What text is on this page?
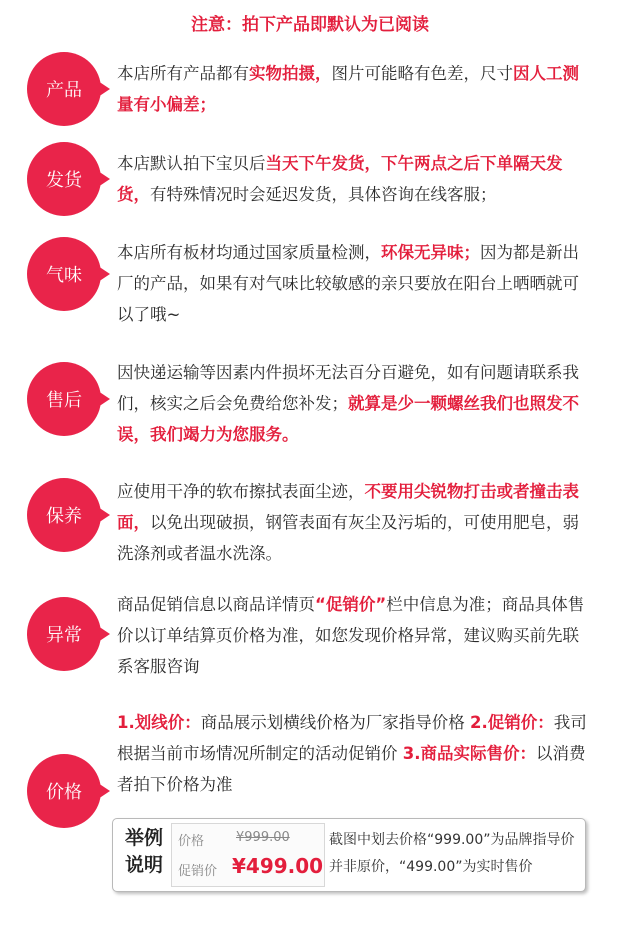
注意：拍下产品即默认为已阅读
产品
本店所有产品都有实物拍摄，图片可能略有色差，尺寸因人工测量有小偏差；
发货
本店默认拍下宝贝后当天下午发货，下午两点之后下单隔天发货，有特殊情况时会延迟发货，具体咨询在线客服；
气味
本店所有板材均通过国家质量检测，环保无异味；因为都是新出厂的产品，如果有对气味比较敏感的亲只要放在阳台上晒晒就可以了哦~
售后
因快递运输等因素内件损坏无法百分百避免，如有问题请联系我们，核实之后会免费给您补发；就算是少一颗螺丝我们也照发不误，我们竭力为您服务。
保养
应使用干净的软布擦拭表面尘迹，不要用尖锐物打击或者撞击表面，以免出现破损，钢管表面有灰尘及污垢的，可使用肥皂，弱洗涤剂或者温水洗涤。
异常
商品促销信息以商品详情页“促销价”栏中信息为准；商品具体售价以订单结算页价格为准，如您发现价格异常，建议购买前先联系客服咨询
价格
1.划线价：商品展示划横线价格为厂家指导价格 2.促销价：我司根据当前市场情况所制定的活动促销价 3.商品实际售价：以消费者拍下价格为准
举例说明
价格 ¥999.00
促销价 ¥499.00
截图中划去价格“999.00”为品牌指导价并非原价，“499.00”为实时售价
